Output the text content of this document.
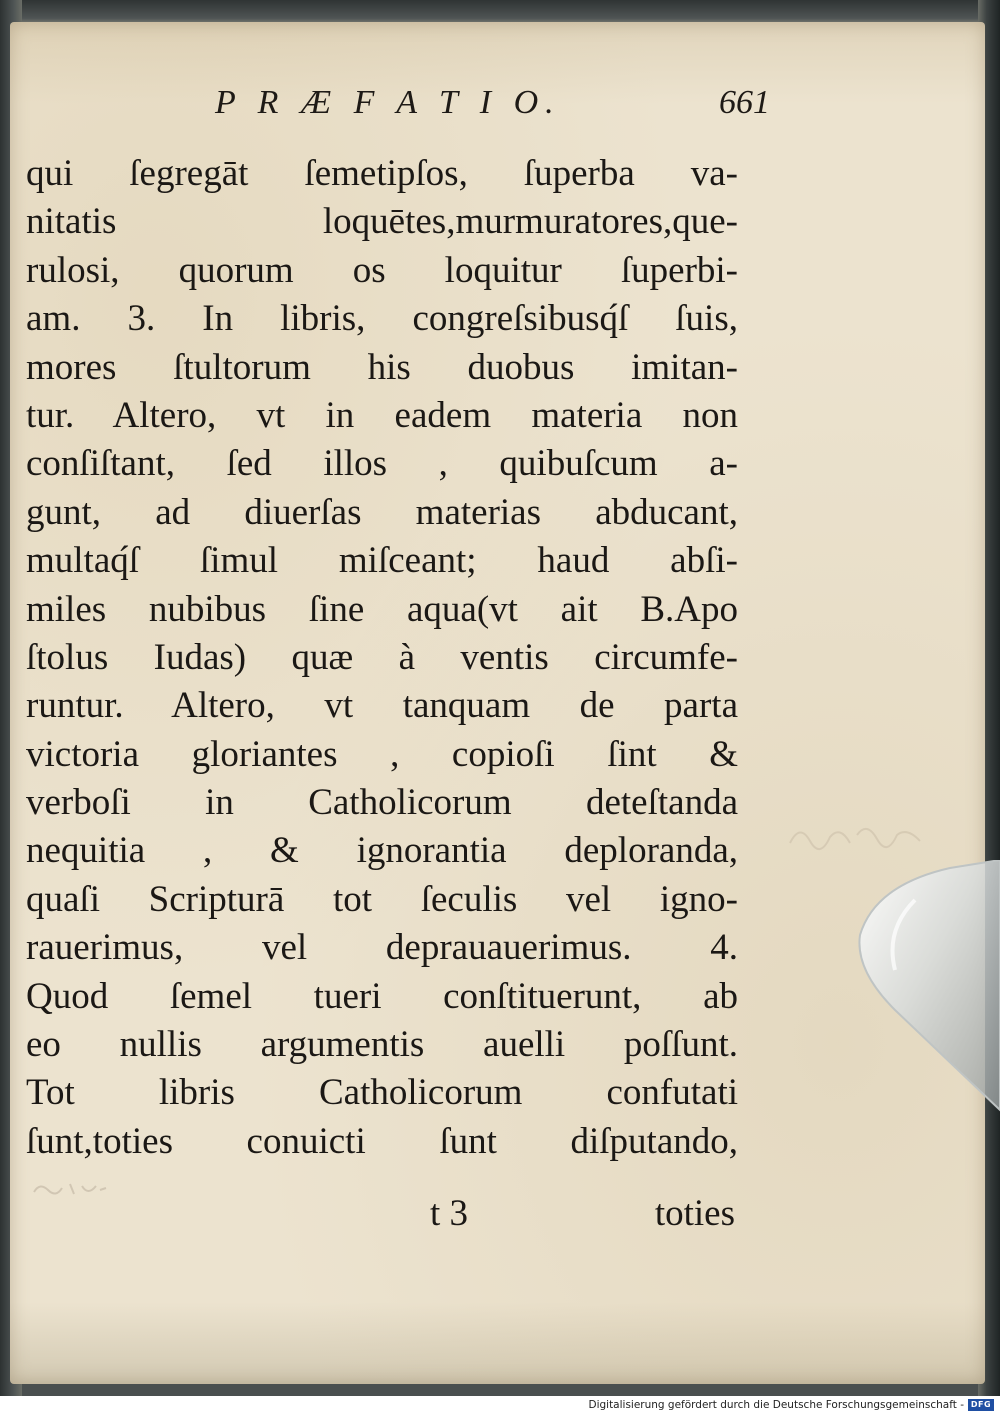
P R Æ F A T I O.	661
qui ſegregāt ſemetipſos, ſuperba va-
nitatis loquētes,murmuratores,que-
rulosi, quorum os loquitur ſuperbi-
am. 3. In libris, congreſsibusq́ſ ſuis,
mores ſtultorum his duobus imitan-
tur. Altero, vt in eadem materia non
conſiſtant, ſed illos , quibuſcum a-
gunt, ad diuerſas materias abducant,
multaq́ſ ſimul miſceant; haud abſi-
miles nubibus ſine aqua(vt ait B.Apo
ſtolus Iudas) quæ à ventis circumfe-
runtur. Altero, vt tanquam de parta
victoria gloriantes , copioſi ſint &
verboſi in Catholicorum deteſtanda
nequitia , & ignorantia deploranda,
quaſi Scripturā tot ſeculis vel igno-
rauerimus, vel deprauauerimus. 4.
Quod ſemel tueri conſtituerunt, ab
eo nullis argumentis auelli poſſunt.
Tot libris Catholicorum confutati
ſunt,toties conuicti ſunt diſputando,
t 3	toties
Digitalisierung gefördert durch die Deutsche Forschungsgemeinschaft - DFG
